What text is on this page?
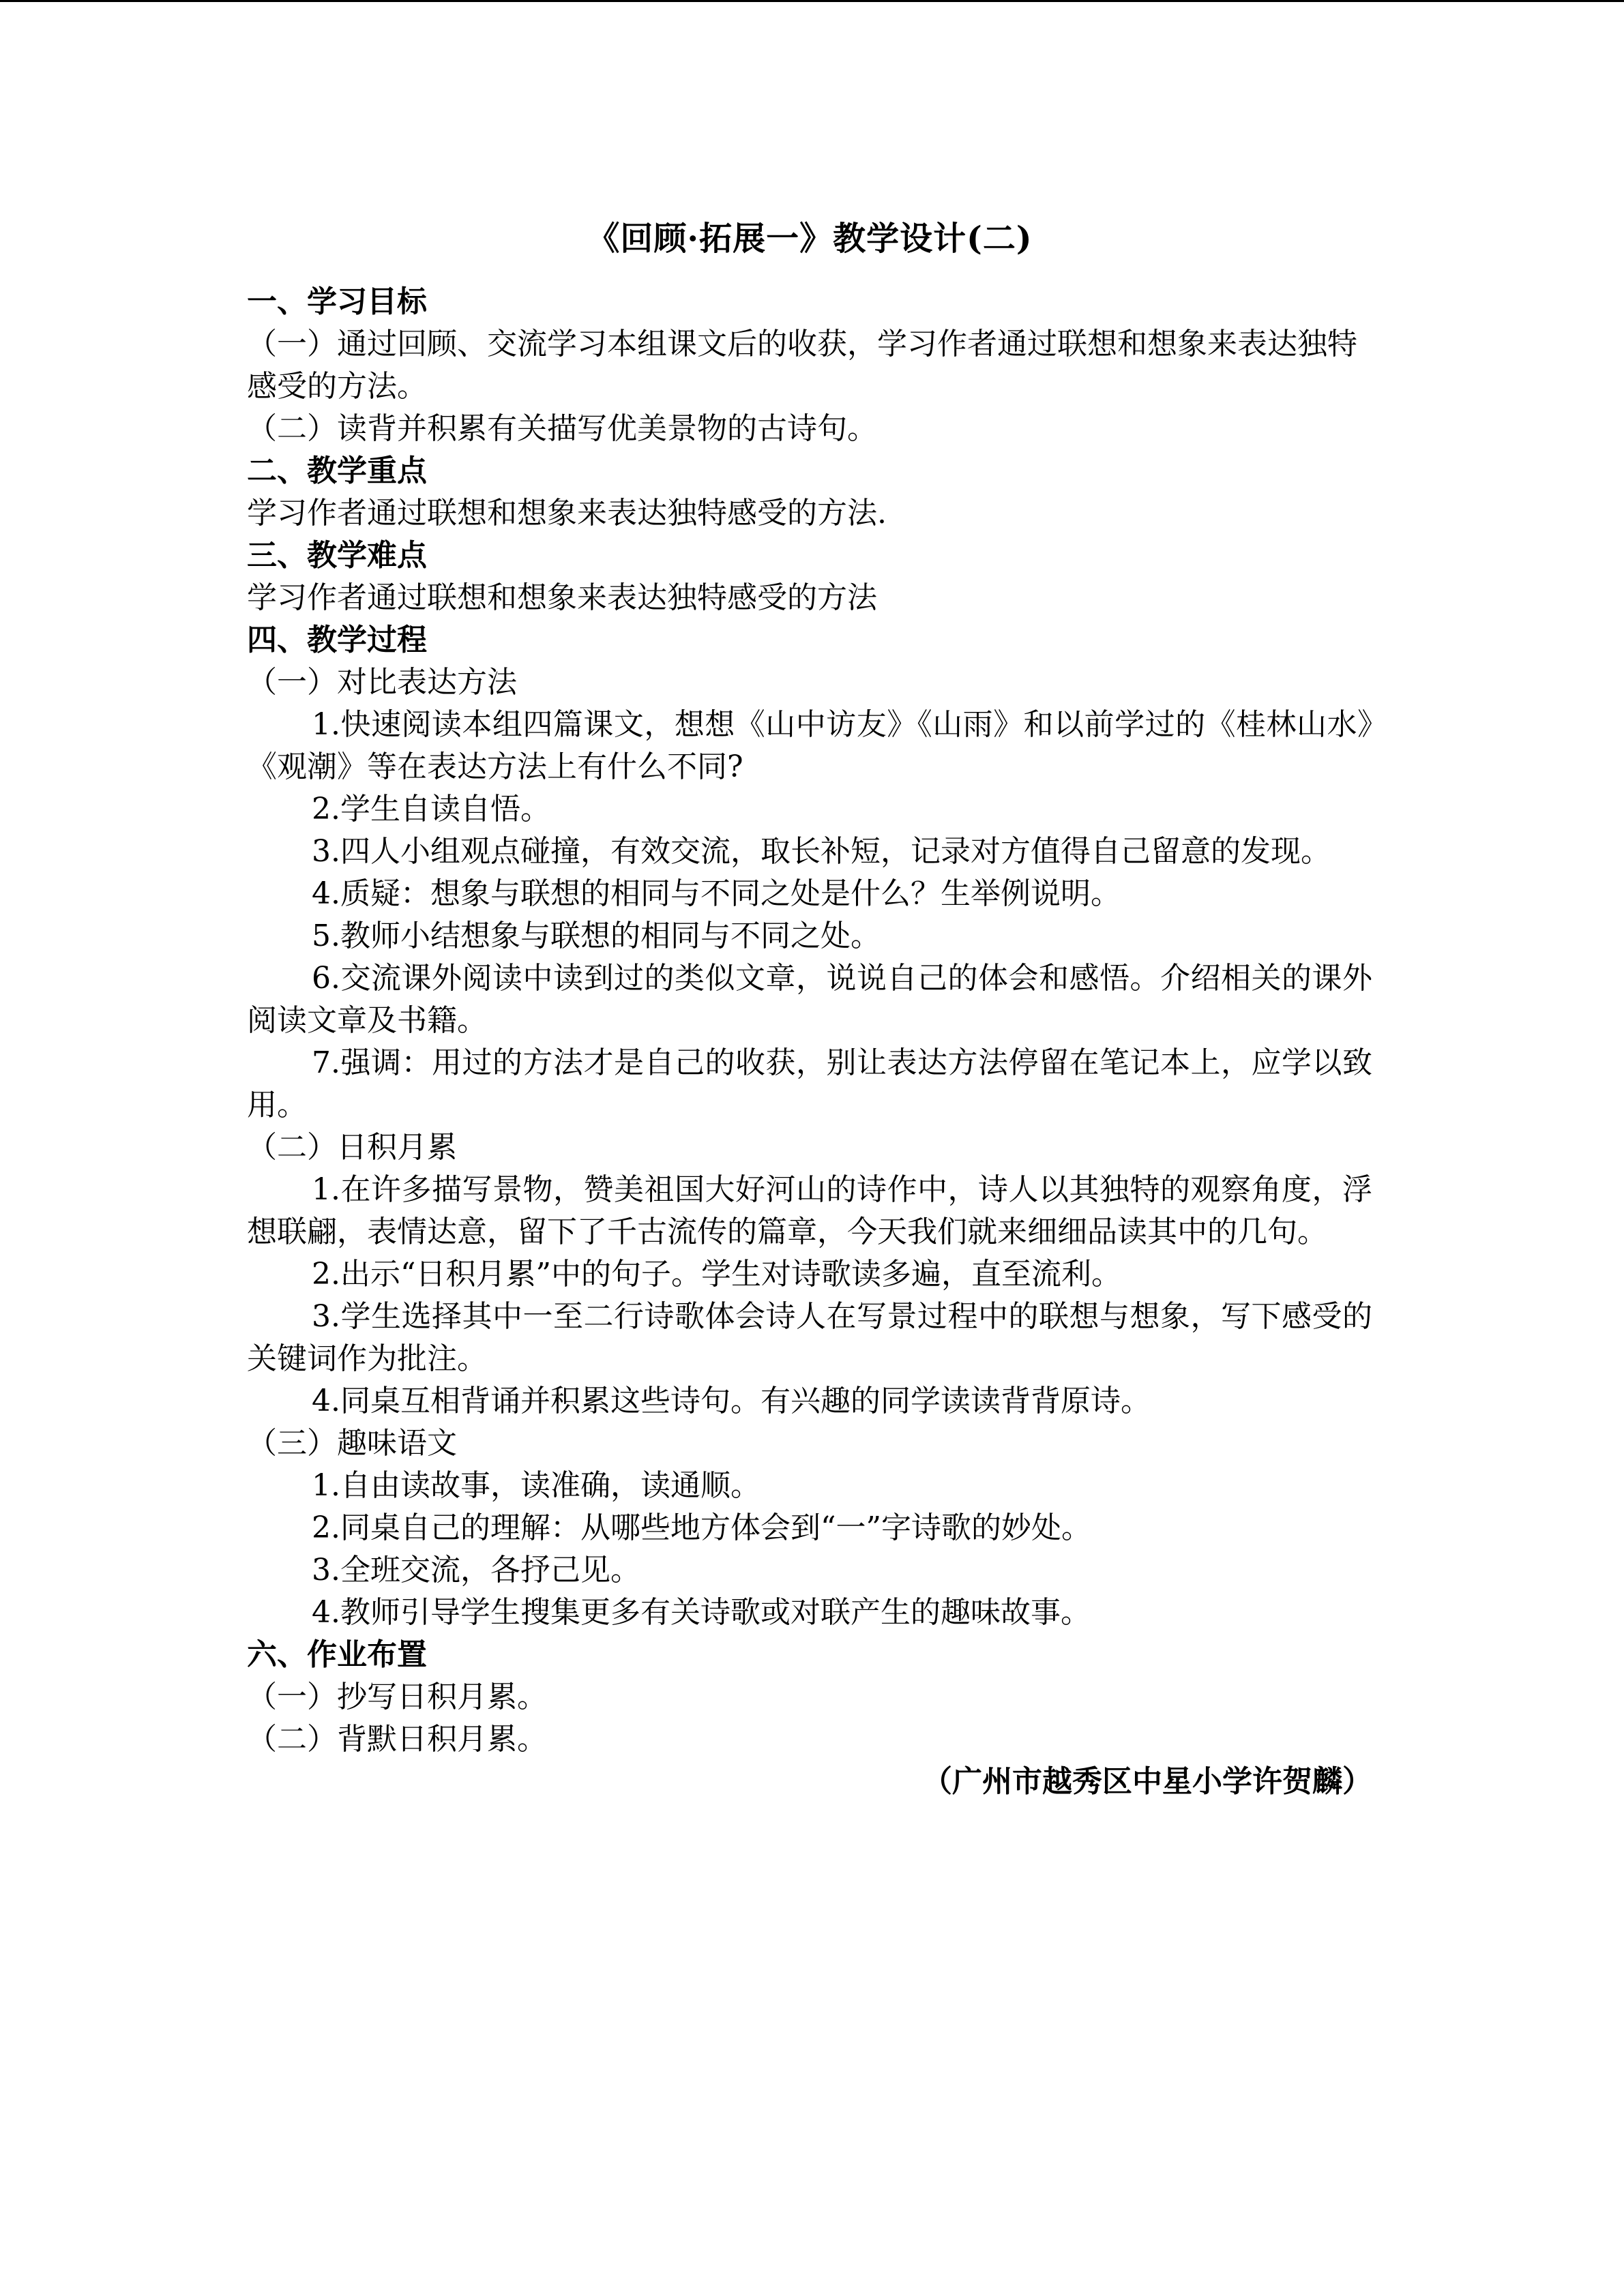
《回顾·拓展一》教学设计(二)
一、学习目标

（一）通过回顾、交流学习本组课文后的收获，学习作者通过联想和想象来表达独特感受的方法。

（二）读背并积累有关描写优美景物的古诗句。

二、教学重点

学习作者通过联想和想象来表达独特感受的方法.

三、教学难点

学习作者通过联想和想象来表达独特感受的方法

四、教学过程

（一）对比表达方法

1.快速阅读本组四篇课文，想想《山中访友》《山雨》和以前学过的《桂林山水》《观潮》等在表达方法上有什么不同?

2.学生自读自悟。

3.四人小组观点碰撞，有效交流，取长补短，记录对方值得自己留意的发现。

4.质疑：想象与联想的相同与不同之处是什么？生举例说明。

5.教师小结想象与联想的相同与不同之处。

6.交流课外阅读中读到过的类似文章，说说自己的体会和感悟。介绍相关的课外阅读文章及书籍。

7.强调：用过的方法才是自己的收获，别让表达方法停留在笔记本上，应学以致用。

（二）日积月累

1.在许多描写景物，赞美祖国大好河山的诗作中，诗人以其独特的观察角度，浮想联翩，表情达意，留下了千古流传的篇章，今天我们就来细细品读其中的几句。

2.出示“日积月累”中的句子。学生对诗歌读多遍，直至流利。

3.学生选择其中一至二行诗歌体会诗人在写景过程中的联想与想象，写下感受的关键词作为批注。

4.同桌互相背诵并积累这些诗句。有兴趣的同学读读背背原诗。

（三）趣味语文

1.自由读故事，读准确，读通顺。

2.同桌自己的理解：从哪些地方体会到“一”字诗歌的妙处。

3.全班交流，各抒己见。

4.教师引导学生搜集更多有关诗歌或对联产生的趣味故事。

六、作业布置

（一）抄写日积月累。

（二）背默日积月累。

（广州市越秀区中星小学许贺麟）
